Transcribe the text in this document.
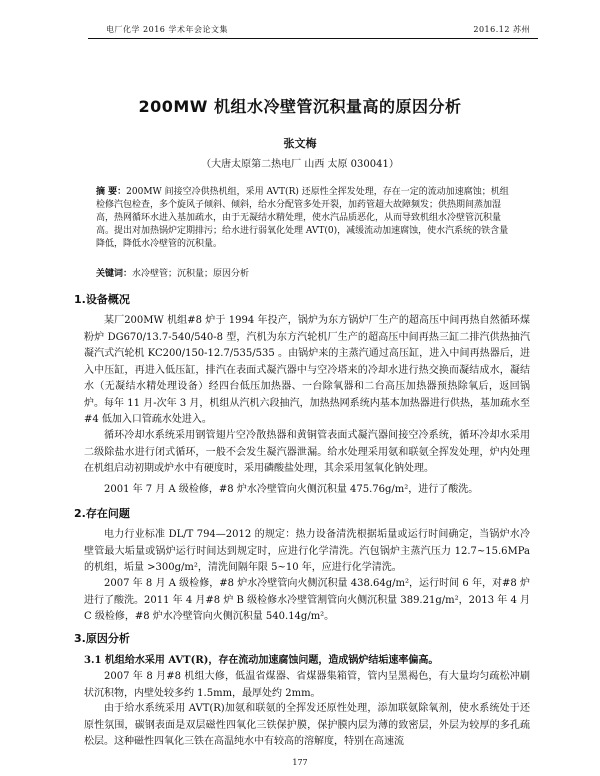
电厂化学 2016 学术年会论文集	2016.12 苏州
200MW 机组水冷壁管沉积量高的原因分析
张文梅
（大唐太原第二热电厂 山西 太原 030041）
摘 要：200MW 间接空冷供热机组，采用 AVT(R) 还原性全挥发处理，存在一定的流动加速腐蚀；机组检修汽包检查，多个旋风子倾斜、倾斜，给水分配管多处开裂，加药管超大故障频发；供热期间蒸加湿高，热网循环水进入基加疏水，由于无凝结水精处理，使水汽品质恶化，从而导致机组水冷壁管沉积量高。提出对加热锅炉定期排污；给水进行弱氧化处理 AVT(0)，减缓流动加速腐蚀，使水汽系统的铁含量降低，降低水冷壁管的沉积量。
关键词：水冷壁管；沉积量；原因分析
1.设备概况

某厂200MW 机组#8 炉于 1994 年投产，锅炉为东方锅炉厂生产的超高压中间再热自然循环煤粉炉 DG670/13.7-540/540-8 型，汽机为东方汽轮机厂生产的超高压中间再热三缸二排汽供热抽汽凝汽式汽轮机 KC200/150-12.7/535/535 。由锅炉来的主蒸汽通过高压缸，进入中间再热器后，进入中压缸，再进入低压缸，排汽在表面式凝汽器中与空冷塔来的冷却水进行热交换而凝结成水，凝结水（无凝结水精处理设备）经四台低压加热器、一台除氧器和二台高压加热器预热除氧后，返回锅炉。每年 11 月-次年 3 月，机组从汽机六段抽汽，加热热网系统内基本加热器进行供热，基加疏水至#4 低加入口管疏水处进入。

循环冷却水系统采用钢管翅片空冷散热器和黄铜管表面式凝汽器间接空冷系统，循环冷却水采用二级除盐水进行闭式循环，一般不会发生凝汽器泄漏。给水处理采用氨和联氨全挥发处理，炉内处理在机组启动初期或炉水中有硬度时，采用磷酸盐处理，其余采用氢氧化钠处理。

2001 年 7 月 A 级检修，#8 炉水冷壁管向火侧沉积量 475.76g/m²，进行了酸洗。

2.存在问题

电力行业标准 DL/T 794—2012 的规定：热力设备清洗根据垢量或运行时间确定，当锅炉水冷壁管最大垢量或锅炉运行时间达到规定时，应进行化学清洗。汽包锅炉主蒸汽压力 12.7~15.6MPa 的机组，垢量 >300g/m²，清洗间隔年限 5~10 年，应进行化学清洗。

2007 年 8 月 A 级检修，#8 炉水冷壁管向火侧沉积量 438.64g/m²，运行时间 6 年，对#8 炉进行了酸洗。2011 年 4 月#8 炉 B 级检修水冷壁管割管向火侧沉积量 389.21g/m²，2013 年 4 月 C 级检修，#8 炉水冷壁管向火侧沉积量 540.14g/m²。

3.原因分析
3.1 机组给水采用 AVT(R)，存在流动加速腐蚀问题，造成锅炉结垢速率偏高。

2007 年 8 月#8 机组大修，低温省煤器、省煤器集箱管，管内呈黑褐色，有大量均匀疏松冲刷状沉积物，内壁处较多约 1.5mm，最厚处约 2mm。

由于给水系统采用 AVT(R)加氨和联氨的全挥发还原性处理，添加联氨除氧剂，使水系统处于还原性氛围，碳钢表面是双层磁性四氧化三铁保护膜，保护膜内层为薄的致密层，外层为较厚的多孔疏松层。这种磁性四氧化三铁在高温纯水中有较高的溶解度，特别在高速流

177
